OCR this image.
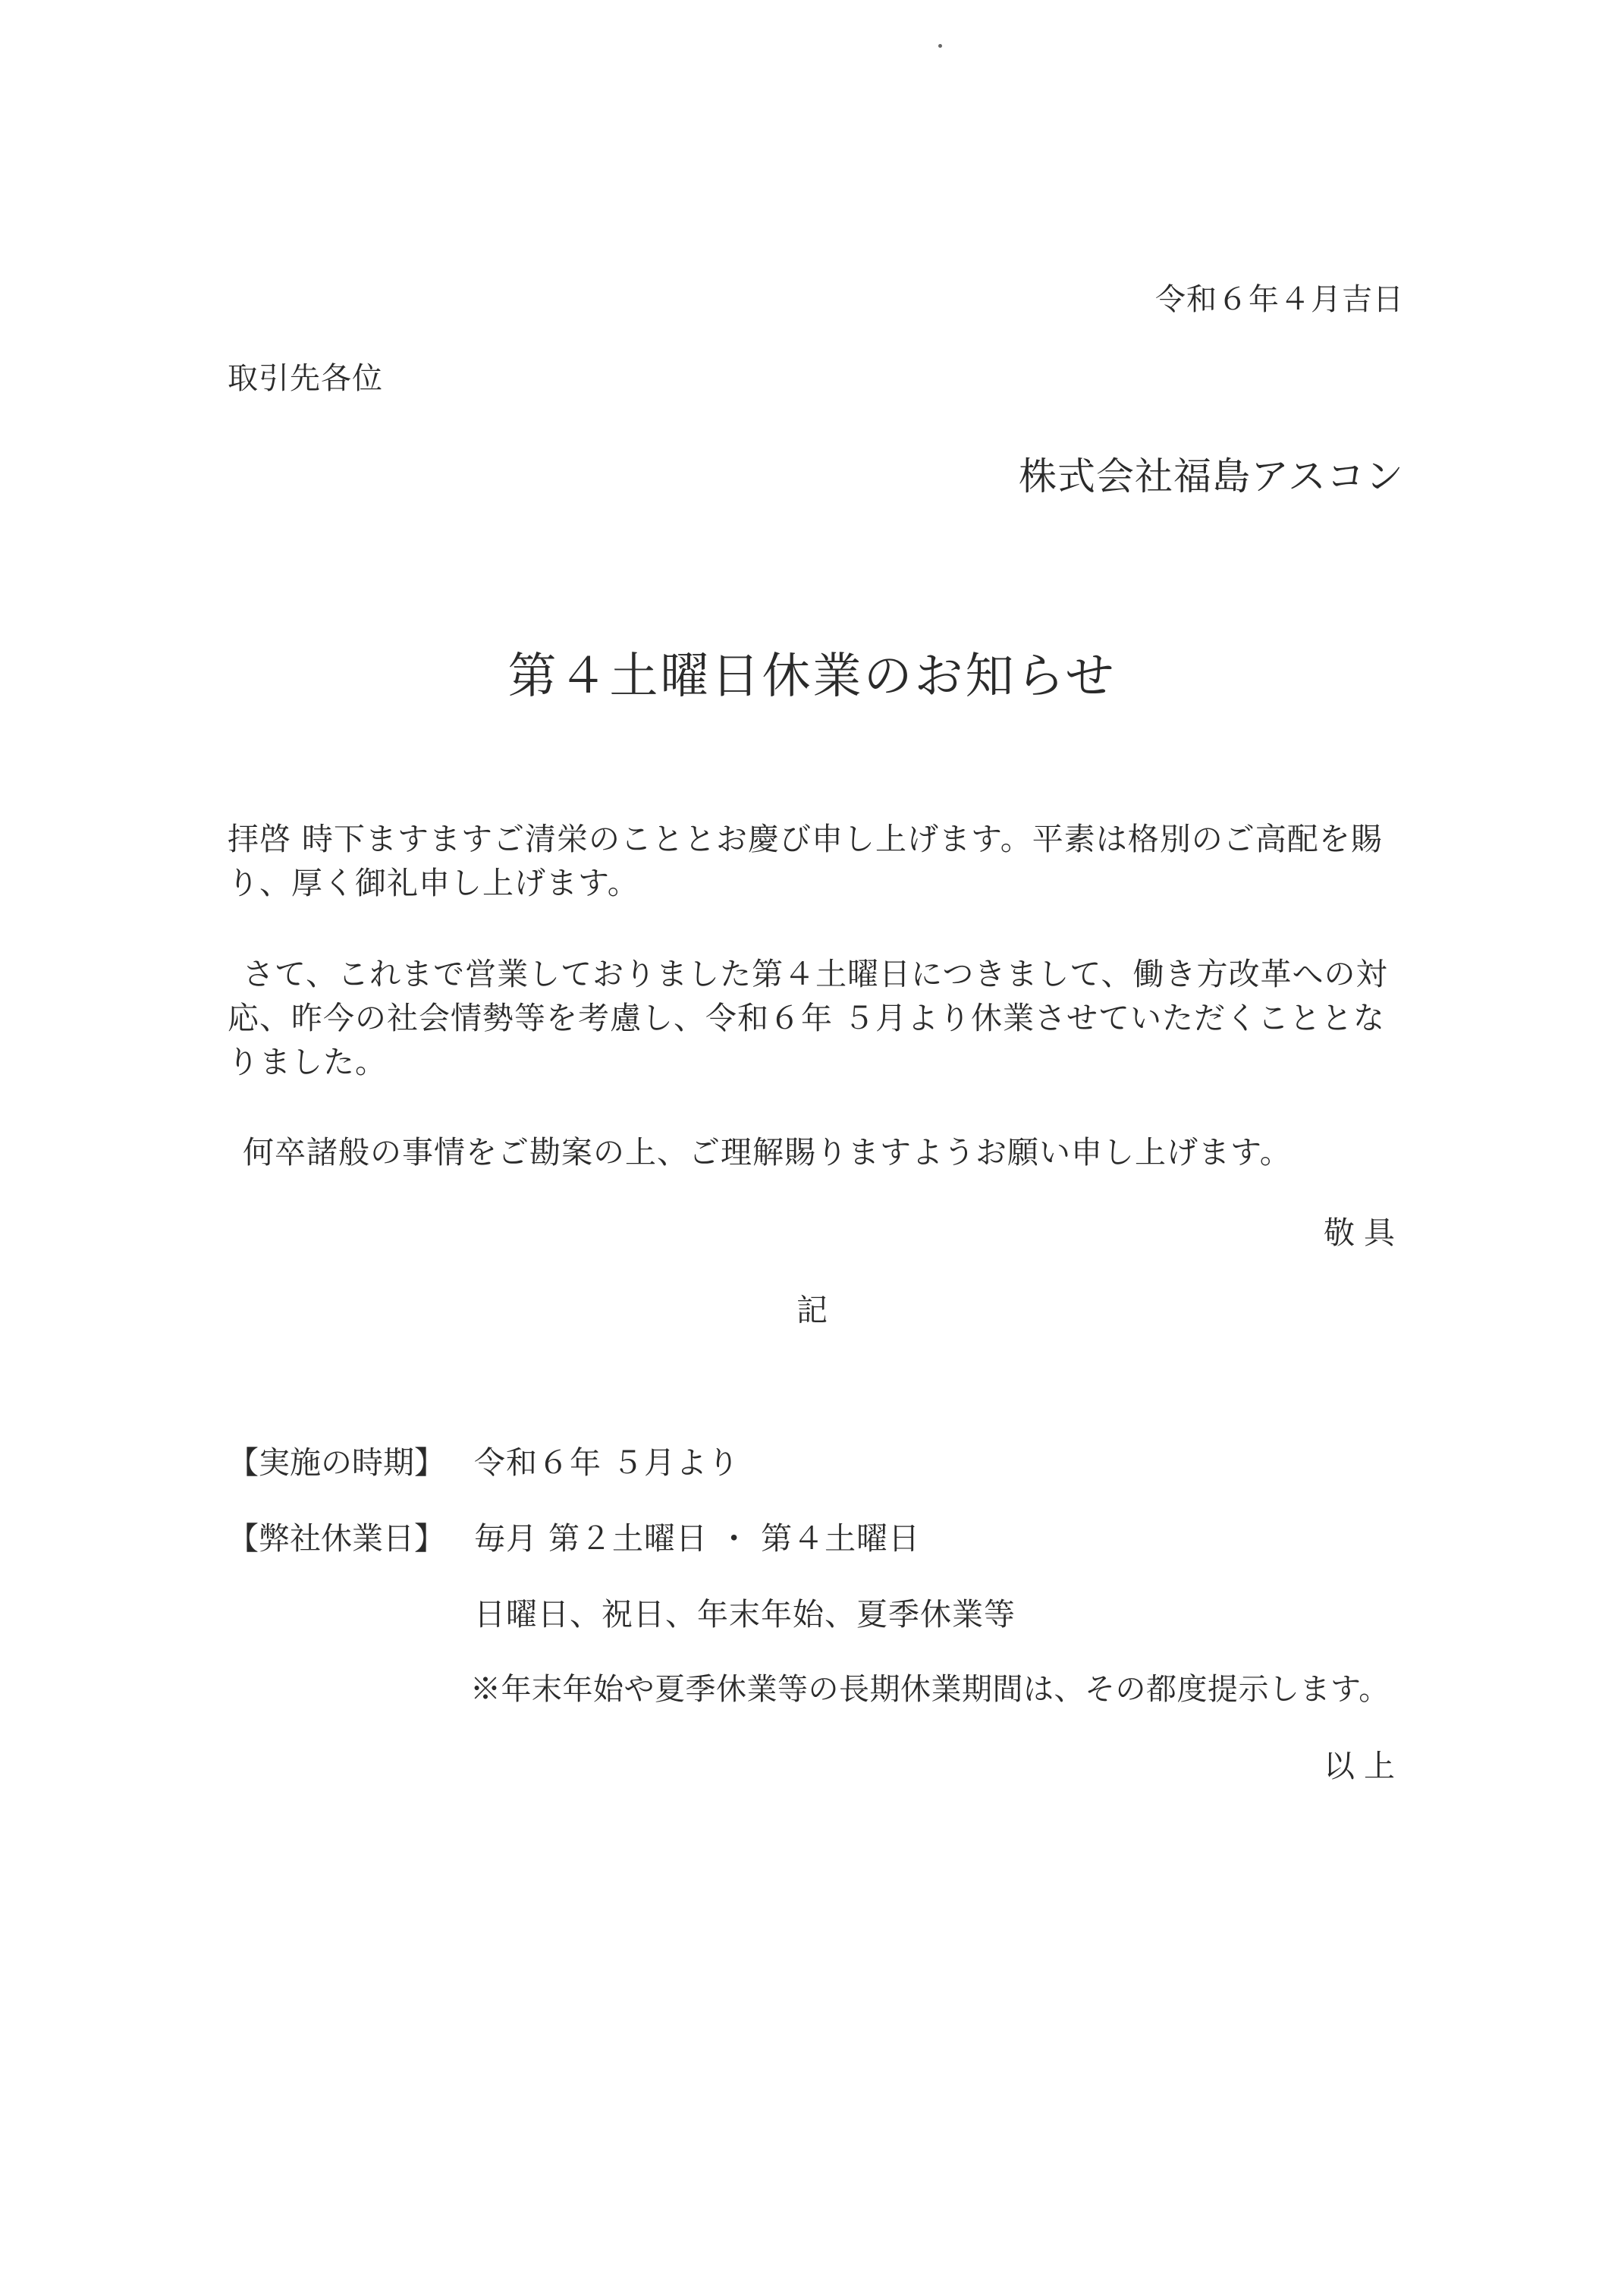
令和６年４月吉日

取引先各位

株式会社福島アスコン

第４土曜日休業のお知らせ

拝啓 時下ますますご清栄のこととお慶び申し上げます。平素は格別のご高配を賜り、厚く御礼申し上げます。

さて、これまで営業しておりました第４土曜日につきまして、働き方改革への対応、昨今の社会情勢等を考慮し、令和６年 ５月より休業させていただくこととなりました。

何卒諸般の事情をご勘案の上、ご理解賜りますようお願い申し上げます。

敬具

記

【実施の時期】 令和６年 ５月より

【弊社休業日】 毎月 第２土曜日 ・ 第４土曜日

日曜日、祝日、年末年始、夏季休業等

※年末年始や夏季休業等の長期休業期間は、その都度提示します。

以上
